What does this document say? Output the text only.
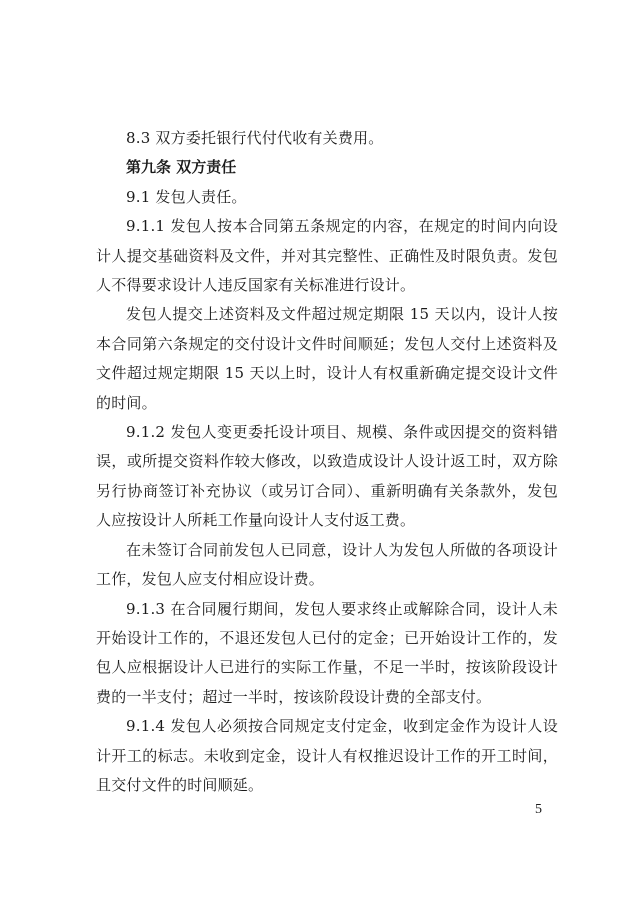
8.3 双方委托银行代付代收有关费用。

第九条 双方责任

9.1 发包人责任。

9.1.1 发包人按本合同第五条规定的内容，在规定的时间内向设计人提交基础资料及文件，并对其完整性、正确性及时限负责。发包人不得要求设计人违反国家有关标准进行设计。

发包人提交上述资料及文件超过规定期限 15 天以内，设计人按本合同第六条规定的交付设计文件时间顺延；发包人交付上述资料及文件超过规定期限 15 天以上时，设计人有权重新确定提交设计文件的时间。

9.1.2 发包人变更委托设计项目、规模、条件或因提交的资料错误，或所提交资料作较大修改，以致造成设计人设计返工时，双方除另行协商签订补充协议（或另订合同）、重新明确有关条款外，发包人应按设计人所耗工作量向设计人支付返工费。

在未签订合同前发包人已同意，设计人为发包人所做的各项设计工作，发包人应支付相应设计费。

9.1.3 在合同履行期间，发包人要求终止或解除合同，设计人未开始设计工作的，不退还发包人已付的定金；已开始设计工作的，发包人应根据设计人已进行的实际工作量，不足一半时，按该阶段设计费的一半支付；超过一半时，按该阶段设计费的全部支付。

9.1.4 发包人必须按合同规定支付定金，收到定金作为设计人设计开工的标志。未收到定金，设计人有权推迟设计工作的开工时间，且交付文件的时间顺延。

5
